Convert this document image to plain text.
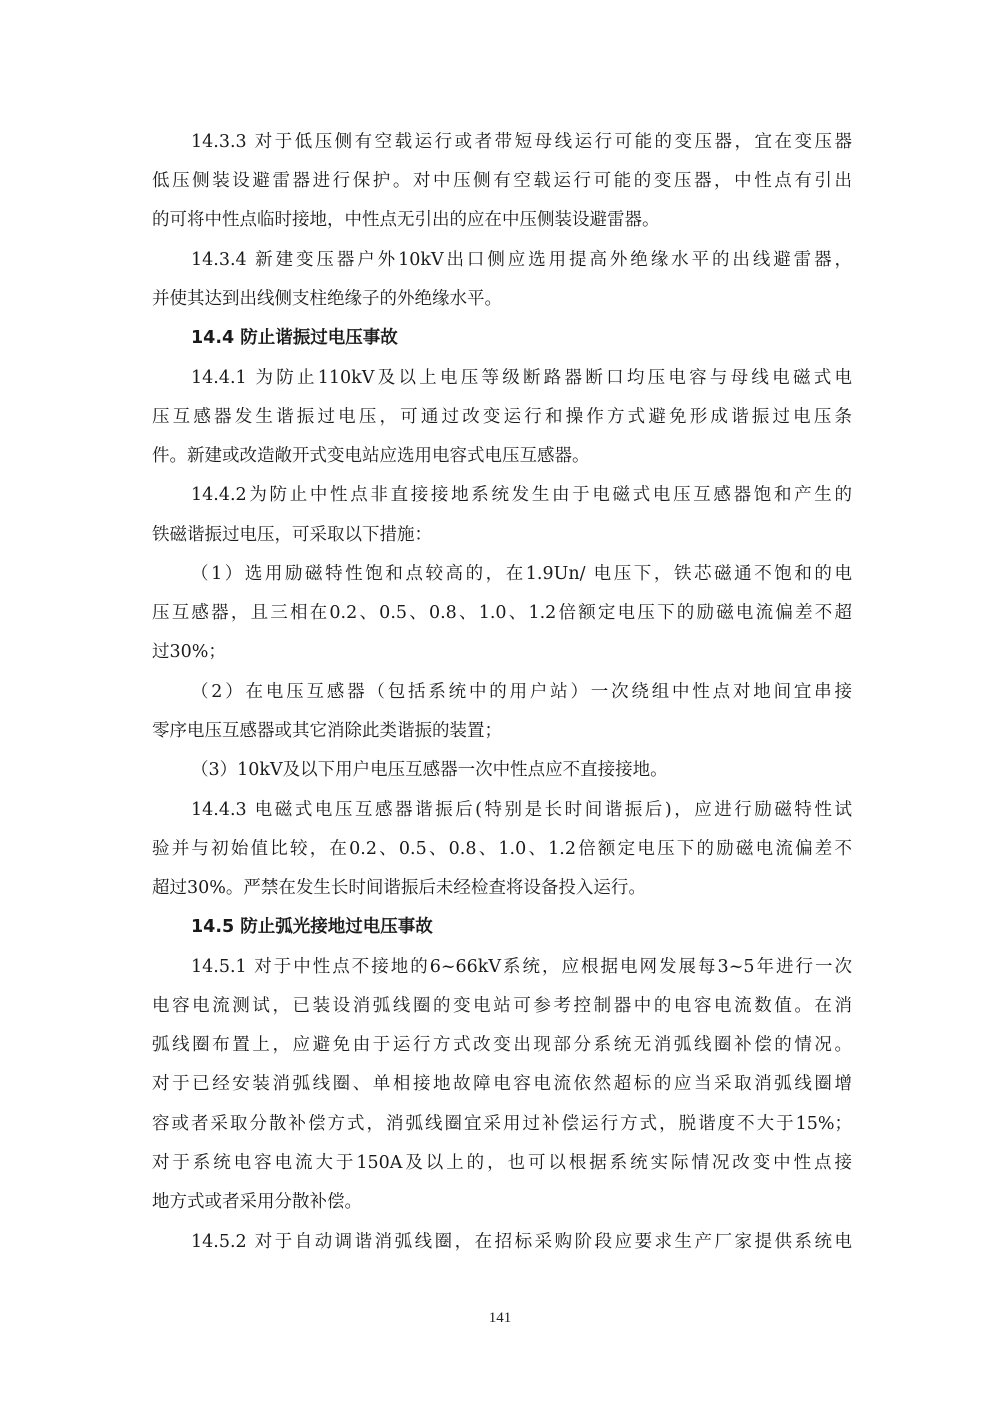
14.3.3 对于低压侧有空载运行或者带短母线运行可能的变压器，宜在变压器
低压侧装设避雷器进行保护。对中压侧有空载运行可能的变压器，中性点有引出
的可将中性点临时接地，中性点无引出的应在中压侧装设避雷器。
14.3.4 新建变压器户外10kV出口侧应选用提高外绝缘水平的出线避雷器，
并使其达到出线侧支柱绝缘子的外绝缘水平。
14.4 防止谐振过电压事故
14.4.1 为防止110kV及以上电压等级断路器断口均压电容与母线电磁式电
压互感器发生谐振过电压，可通过改变运行和操作方式避免形成谐振过电压条
件。新建或改造敞开式变电站应选用电容式电压互感器。
14.4.2为防止中性点非直接接地系统发生由于电磁式电压互感器饱和产生的
铁磁谐振过电压，可采取以下措施：
（1）选用励磁特性饱和点较高的，在1.9Un/ 电压下，铁芯磁通不饱和的电
压互感器，且三相在0.2、0.5、0.8、1.0、1.2倍额定电压下的励磁电流偏差不超
过30%；
（2）在电压互感器（包括系统中的用户站）一次绕组中性点对地间宜串接
零序电压互感器或其它消除此类谐振的装置；
（3）10kV及以下用户电压互感器一次中性点应不直接接地。
14.4.3 电磁式电压互感器谐振后(特别是长时间谐振后)，应进行励磁特性试
验并与初始值比较，在0.2、0.5、0.8、1.0、1.2倍额定电压下的励磁电流偏差不
超过30%。严禁在发生长时间谐振后未经检查将设备投入运行。
14.5 防止弧光接地过电压事故
14.5.1 对于中性点不接地的6~66kV系统，应根据电网发展每3~5年进行一次
电容电流测试，已装设消弧线圈的变电站可参考控制器中的电容电流数值。在消
弧线圈布置上，应避免由于运行方式改变出现部分系统无消弧线圈补偿的情况。
对于已经安装消弧线圈、单相接地故障电容电流依然超标的应当采取消弧线圈增
容或者采取分散补偿方式，消弧线圈宜采用过补偿运行方式，脱谐度不大于15%；
对于系统电容电流大于150A及以上的，也可以根据系统实际情况改变中性点接
地方式或者采用分散补偿。
14.5.2 对于自动调谐消弧线圈，在招标采购阶段应要求生产厂家提供系统电
141
